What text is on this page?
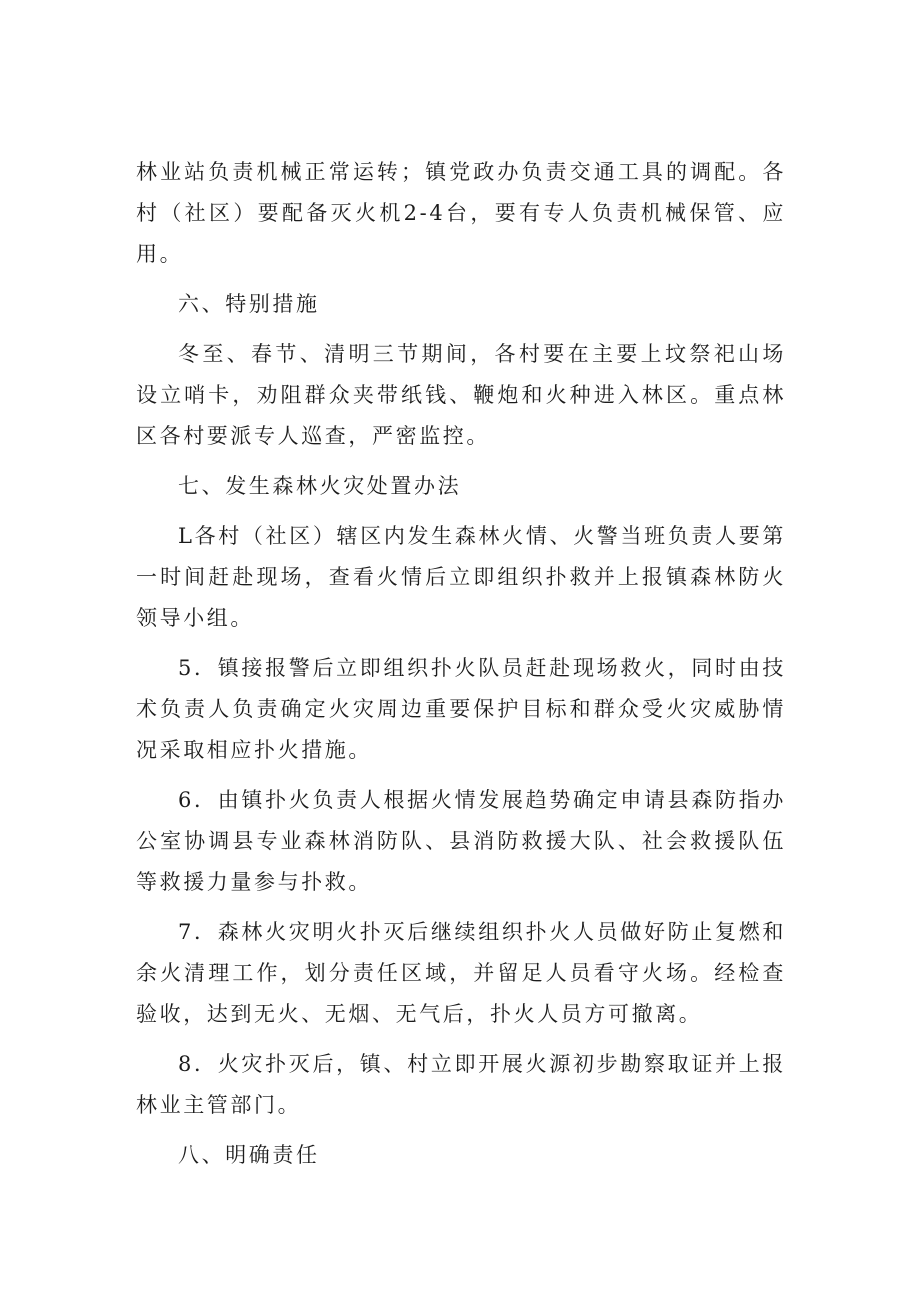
林业站负责机械正常运转；镇党政办负责交通工具的调配。各村（社区）要配备灭火机2-4台，要有专人负责机械保管、应用。

六、特别措施

冬至、春节、清明三节期间，各村要在主要上坟祭祀山场设立哨卡，劝阻群众夹带纸钱、鞭炮和火种进入林区。重点林区各村要派专人巡查，严密监控。

七、发生森林火灾处置办法

L各村（社区）辖区内发生森林火情、火警当班负责人要第一时间赶赴现场，查看火情后立即组织扑救并上报镇森林防火领导小组。

5．镇接报警后立即组织扑火队员赶赴现场救火，同时由技术负责人负责确定火灾周边重要保护目标和群众受火灾威胁情况采取相应扑火措施。

6．由镇扑火负责人根据火情发展趋势确定申请县森防指办公室协调县专业森林消防队、县消防救援大队、社会救援队伍等救援力量参与扑救。

7．森林火灾明火扑灭后继续组织扑火人员做好防止复燃和余火清理工作，划分责任区域，并留足人员看守火场。经检查验收，达到无火、无烟、无气后，扑火人员方可撤离。

8．火灾扑灭后，镇、村立即开展火源初步勘察取证并上报林业主管部门。

八、明确责任
